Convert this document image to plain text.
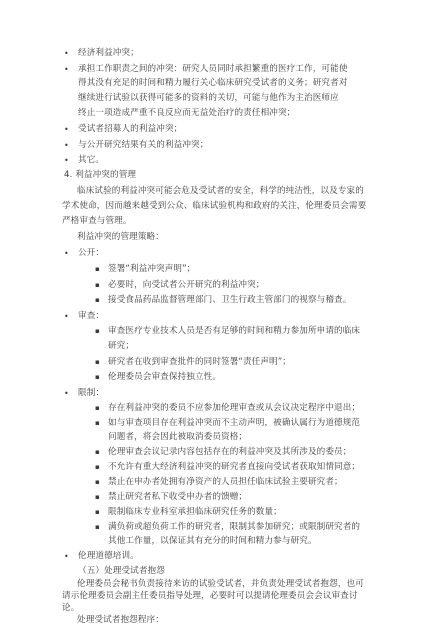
• 经济利益冲突；
• 承担工作职责之间的冲突：研究人员同时承担繁重的医疗工作，可能使
得其没有充足的时间和精力履行关心临床研究受试者的义务；研究者对
继续进行试验以获得可能多的资料的关切，可能与他作为主治医师应
终止一项造成严重不良反应而无益处治疗的责任相冲突；
• 受试者招募人的利益冲突；
• 与公开研究结果有关的利益冲突；
• 其它。
4. 利益冲突的管理
临床试验的利益冲突可能会危及受试者的安全，科学的纯洁性，以及专家的
学术使命，因而越来越受到公众、临床试验机构和政府的关注，伦理委员会需要
严格审查与管理。
利益冲突的管理策略：
• 公开：
▪ 签署“利益冲突声明”；
▪ 必要时，向受试者公开研究的利益冲突；
▪ 接受食品药品监督管理部门、卫生行政主管部门的视察与稽查。
• 审查：
▪ 审查医疗专业技术人员是否有足够的时间和精力参加所申请的临床
研究；
▪ 研究者在收到审查批件的同时签署“责任声明”；
▪ 伦理委员会审查保持独立性。
• 限制：
▪ 存在利益冲突的委员不应参加伦理审查或从会议决定程序中退出；
▪ 如与审查项目存在利益冲突而不主动声明，被确认属行为道德规范
问题者，将会因此被取消委员资格；
▪ 伦理审查会议记录内容包括存在的利益冲突及其所涉及的委员；
▪ 不允许有重大经济利益冲突的研究者直接向受试者获取知情同意；
▪ 禁止在申办者处拥有净资产的人员担任临床试验主要研究者；
▪ 禁止研究者私下收受申办者的馈赠；
▪ 限制临床专业科室承担临床研究任务的数量；
▪ 满负荷或超负荷工作的研究者，限制其参加研究；或限制研究者的
其他工作量，以保证其有充分的时间和精力参与研究。
• 伦理道德培训。
（五）处理受试者抱怨
伦理委员会秘书负责接待来访的试验受试者，并负责处理受试者抱怨，也可
请示伦理委员会副主任委员指导处理，必要时可以提请伦理委员会会议审查讨
论。
处理受试者抱怨程序：
